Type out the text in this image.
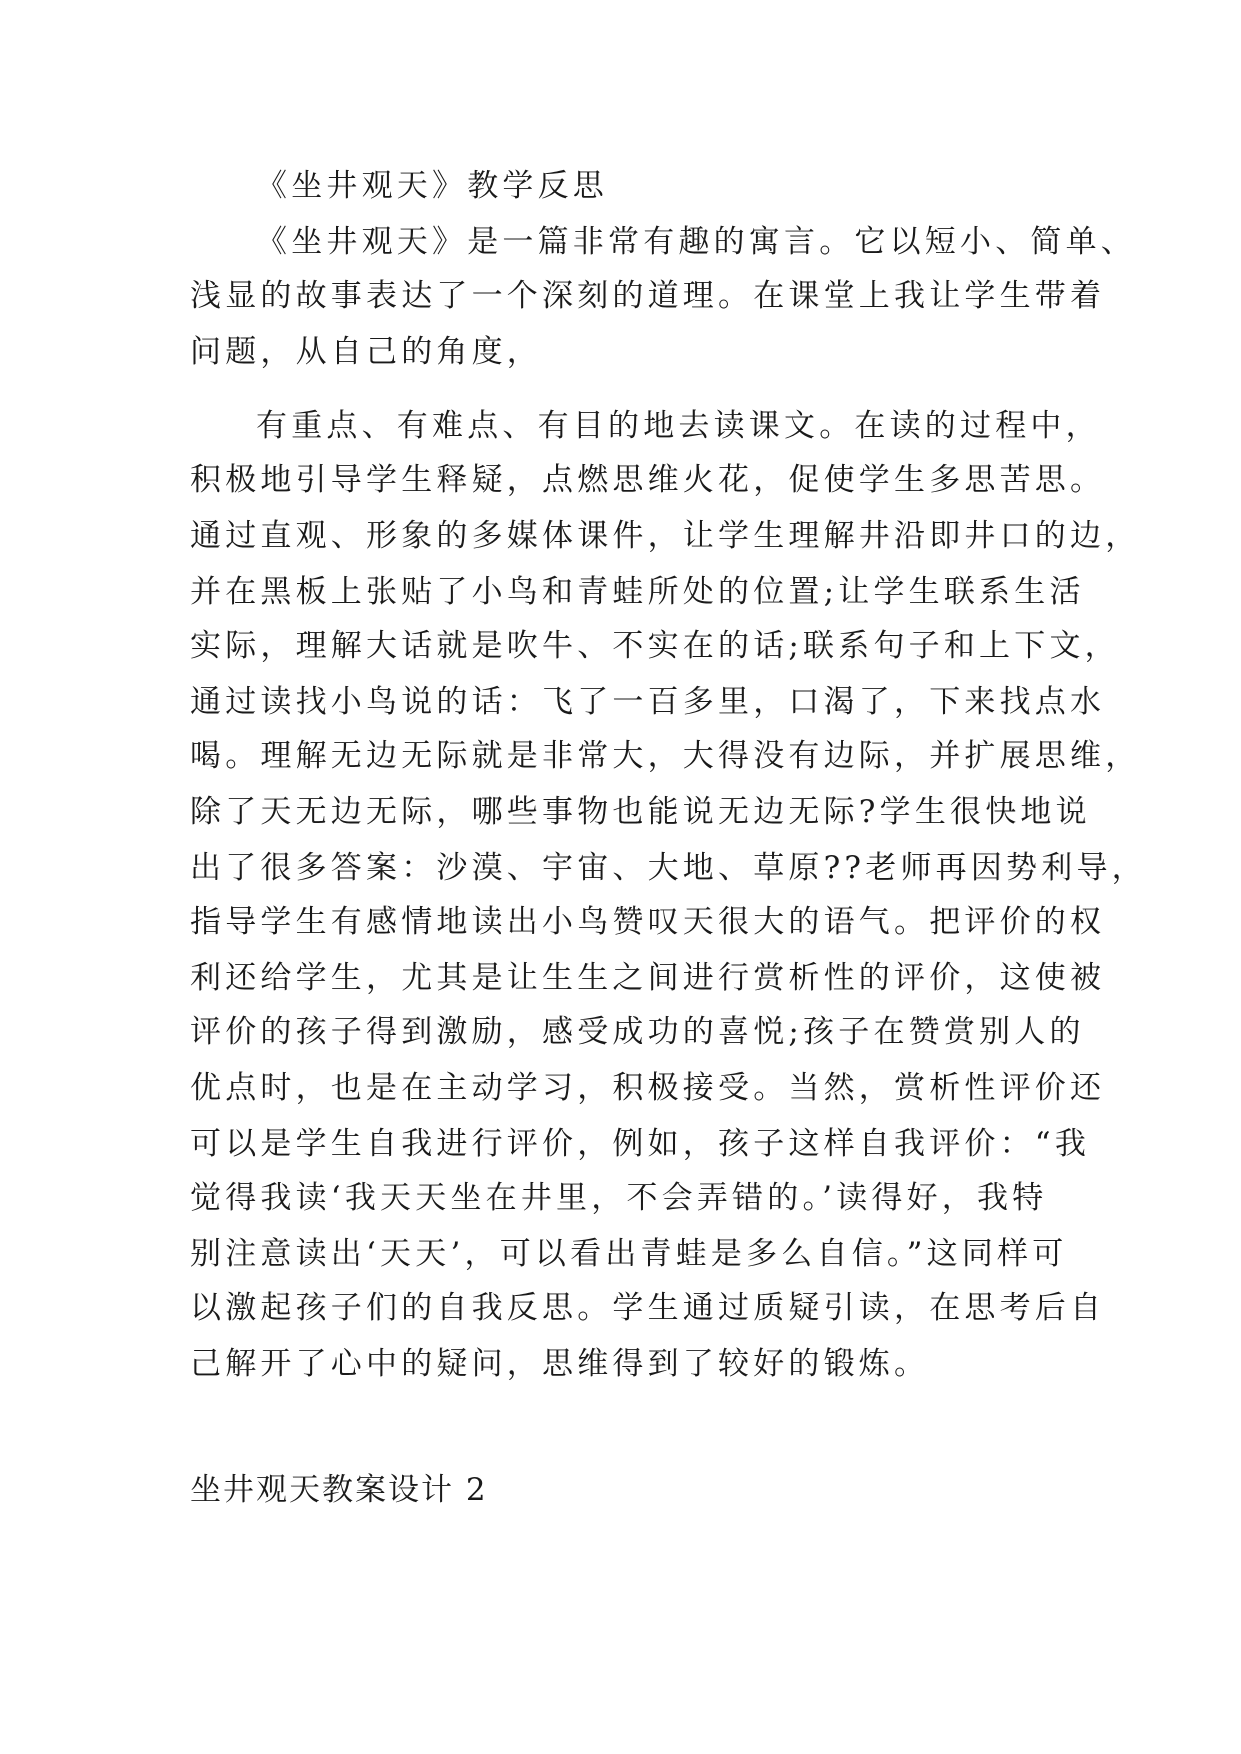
《坐井观天》教学反思
《坐井观天》是一篇非常有趣的寓言。它以短小、简单、
浅显的故事表达了一个深刻的道理。在课堂上我让学生带着
问题，从自己的角度，
有重点、有难点、有目的地去读课文。在读的过程中，
积极地引导学生释疑，点燃思维火花，促使学生多思苦思。
通过直观、形象的多媒体课件，让学生理解井沿即井口的边，
并在黑板上张贴了小鸟和青蛙所处的位置;让学生联系生活
实际，理解大话就是吹牛、不实在的话;联系句子和上下文，
通过读找小鸟说的话：飞了一百多里，口渴了，下来找点水
喝。理解无边无际就是非常大，大得没有边际，并扩展思维，
除了天无边无际，哪些事物也能说无边无际?学生很快地说
出了很多答案：沙漠、宇宙、大地、草原??老师再因势利导，
指导学生有感情地读出小鸟赞叹天很大的语气。把评价的权
利还给学生，尤其是让生生之间进行赏析性的评价，这使被
评价的孩子得到激励，感受成功的喜悦;孩子在赞赏别人的
优点时，也是在主动学习，积极接受。当然，赏析性评价还
可以是学生自我进行评价，例如，孩子这样自我评价：“我
觉得我读‘我天天坐在井里，不会弄错的。’读得好，我特
别注意读出‘天天’，可以看出青蛙是多么自信。”这同样可
以激起孩子们的自我反思。学生通过质疑引读，在思考后自
己解开了心中的疑问，思维得到了较好的锻炼。
坐井观天教案设计 2
